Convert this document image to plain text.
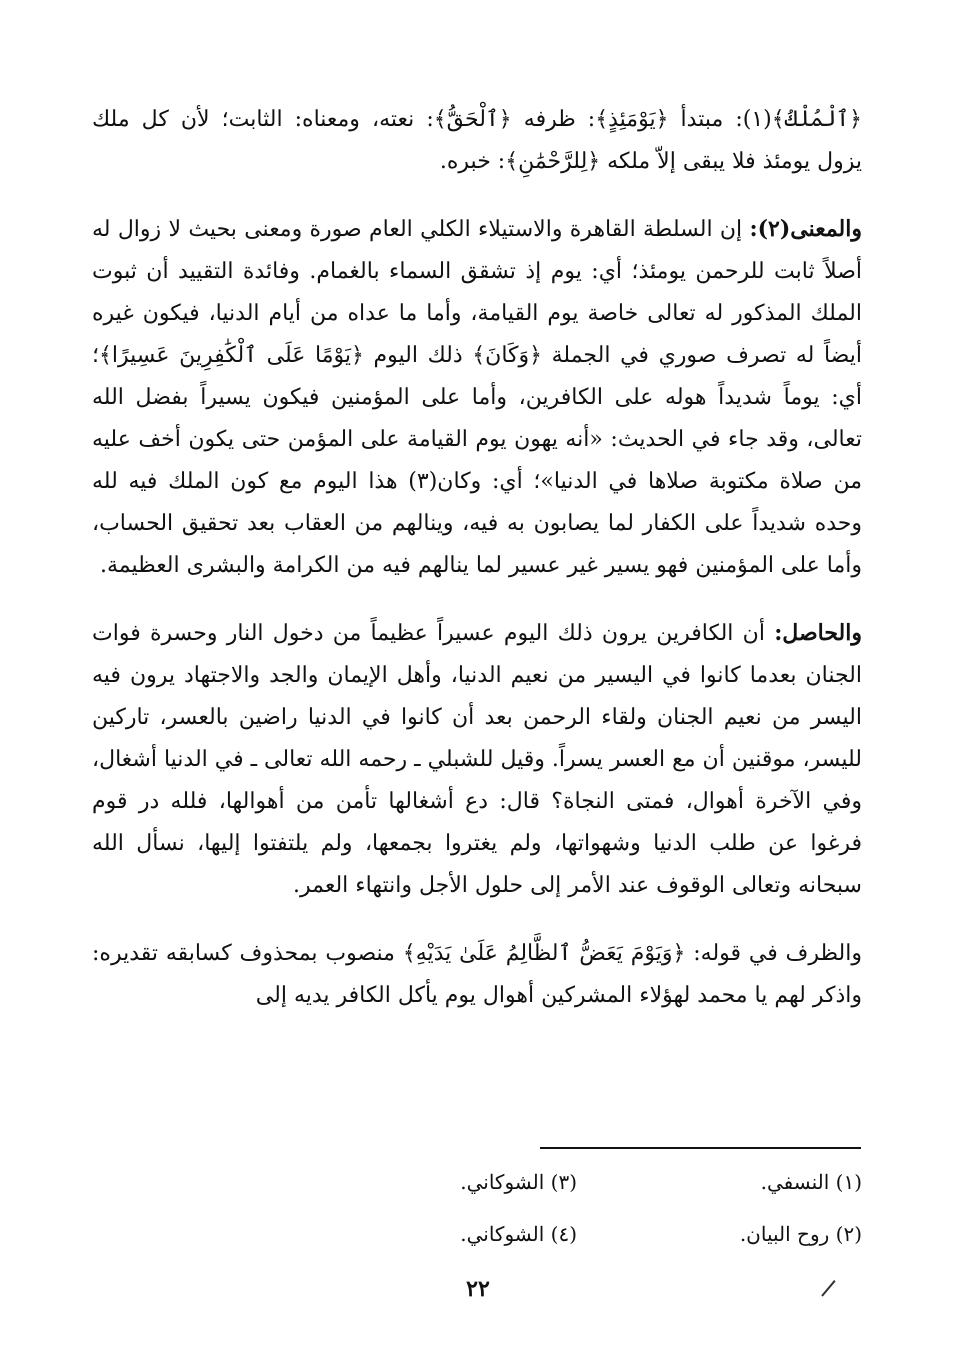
﴿ٱلْمُلْكُ﴾(١): مبتدأ ﴿يَوْمَئِذٍ﴾: ظرفه ﴿ٱلْحَقُّ﴾: نعته، ومعناه: الثابت؛ لأن كل ملك يزول يومئذ فلا يبقى إلاّ ملكه ﴿لِلرَّحْمَٰنِ﴾: خبره.

والمعنى(٢): إن السلطة القاهرة والاستيلاء الكلي العام صورة ومعنى بحيث لا زوال له أصلاً ثابت للرحمن يومئذ؛ أي: يوم إذ تشقق السماء بالغمام. وفائدة التقييد أن ثبوت الملك المذكور له تعالى خاصة يوم القيامة، وأما ما عداه من أيام الدنيا، فيكون غيره أيضاً له تصرف صوري في الجملة ﴿وَكَانَ﴾ ذلك اليوم ﴿يَوْمًا عَلَى ٱلْكَٰفِرِينَ عَسِيرًا﴾؛ أي: يوماً شديداً هوله على الكافرين، وأما على المؤمنين فيكون يسيراً بفضل الله تعالى، وقد جاء في الحديث: «أنه يهون يوم القيامة على المؤمن حتى يكون أخف عليه من صلاة مكتوبة صلاها في الدنيا»؛ أي: وكان(٣) هذا اليوم مع كون الملك فيه لله وحده شديداً على الكفار لما يصابون به فيه، وينالهم من العقاب بعد تحقيق الحساب، وأما على المؤمنين فهو يسير غير عسير لما ينالهم فيه من الكرامة والبشرى العظيمة.

والحاصل: أن الكافرين يرون ذلك اليوم عسيراً عظيماً من دخول النار وحسرة فوات الجنان بعدما كانوا في اليسير من نعيم الدنيا، وأهل الإيمان والجد والاجتهاد يرون فيه اليسر من نعيم الجنان ولقاء الرحمن بعد أن كانوا في الدنيا راضين بالعسر، تاركين لليسر، موقنين أن مع العسر يسراً. وقيل للشبلي ـ رحمه الله تعالى ـ في الدنيا أشغال، وفي الآخرة أهوال، فمتى النجاة؟ قال: دع أشغالها تأمن من أهوالها، فلله در قوم فرغوا عن طلب الدنيا وشهواتها، ولم يغتروا بجمعها، ولم يلتفتوا إليها، نسأل الله سبحانه وتعالى الوقوف عند الأمر إلى حلول الأجل وانتهاء العمر.

والظرف في قوله: ﴿وَيَوْمَ يَعَضُّ ٱلظَّالِمُ عَلَىٰ يَدَيْهِ﴾ منصوب بمحذوف كسابقه تقديره: واذكر لهم يا محمد لهؤلاء المشركين أهوال يوم يأكل الكافر يديه إلى

(١) النسفي.
(٣) الشوكاني.
(٢) روح البيان.
(٤) الشوكاني.
٢٢
